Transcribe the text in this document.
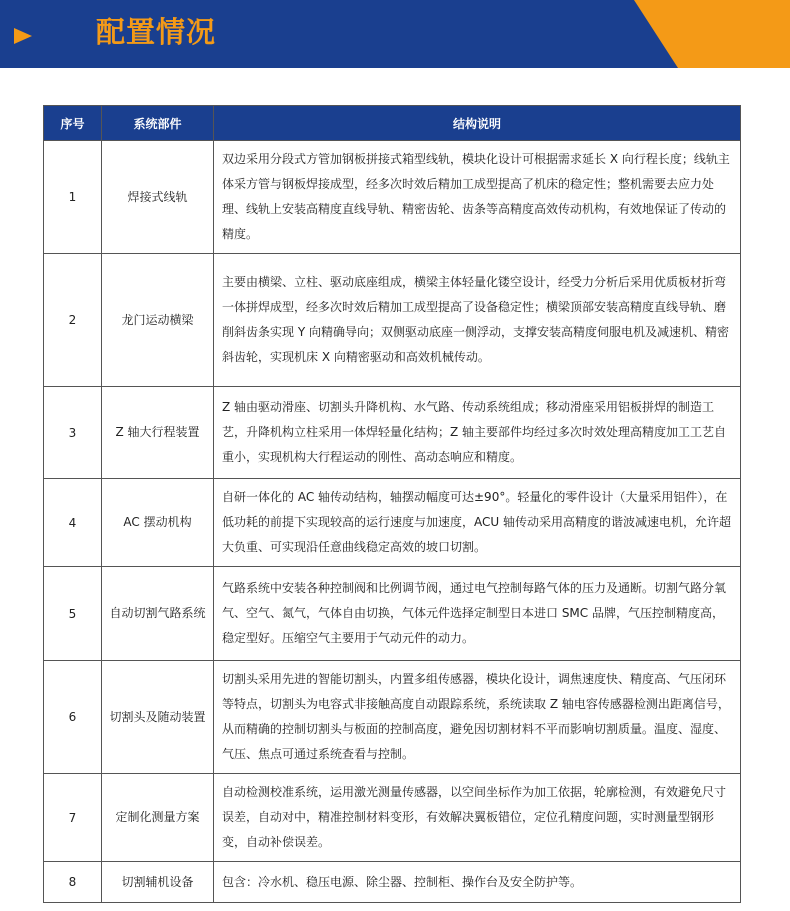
配置情况
序号	系统部件	结构说明
1	焊接式线轨	双边采用分段式方管加钢板拼接式箱型线轨，模块化设计可根据需求延长 X 向行程长度；线轨主体采方管与钢板焊接成型，经多次时效后精加工成型提高了机床的稳定性；整机需要去应力处理、线轨上安装高精度直线导轨、精密齿轮、齿条等高精度高效传动机构，有效地保证了传动的精度。
2	龙门运动横梁	主要由横梁、立柱、驱动底座组成，横梁主体轻量化镂空设计，经受力分析后采用优质板材折弯一体拼焊成型，经多次时效后精加工成型提高了设备稳定性；横梁顶部安装高精度直线导轨、磨削斜齿条实现 Y 向精确导向；双侧驱动底座一侧浮动，支撑安装高精度伺服电机及减速机、精密斜齿轮，实现机床 X 向精密驱动和高效机械传动。
3	Z 轴大行程装置	Z 轴由驱动滑座、切割头升降机构、水气路、传动系统组成；移动滑座采用铝板拼焊的制造工艺，升降机构立柱采用一体焊轻量化结构；Z 轴主要部件均经过多次时效处理高精度加工工艺自重小，实现机构大行程运动的刚性、高动态响应和精度。
4	AC 摆动机构	自研一体化的 AC 轴传动结构，轴摆动幅度可达±90°。轻量化的零件设计（大量采用铝件），在低功耗的前提下实现较高的运行速度与加速度，ACU 轴传动采用高精度的谐波减速电机，允许超大负重、可实现沿任意曲线稳定高效的坡口切割。
5	自动切割气路系统	气路系统中安装各种控制阀和比例调节阀，通过电气控制每路气体的压力及通断。切割气路分氧气、空气、氮气，气体自由切换，气体元件选择定制型日本进口 SMC 品牌，气压控制精度高，稳定型好。压缩空气主要用于气动元件的动力。
6	切割头及随动装置	切割头采用先进的智能切割头，内置多组传感器，模块化设计，调焦速度快、精度高、气压闭环等特点，切割头为电容式非接触高度自动跟踪系统，系统读取 Z 轴电容传感器检测出距离信号，从而精确的控制切割头与板面的控制高度，避免因切割材料不平而影响切割质量。温度、湿度、气压、焦点可通过系统查看与控制。
7	定制化测量方案	自动检测校准系统，运用激光测量传感器，以空间坐标作为加工依据，轮廓检测，有效避免尺寸误差，自动对中，精准控制材料变形，有效解决翼板错位，定位孔精度问题，实时测量型钢形变，自动补偿误差。
8	切割辅机设备	包含：冷水机、稳压电源、除尘器、控制柜、操作台及安全防护等。
